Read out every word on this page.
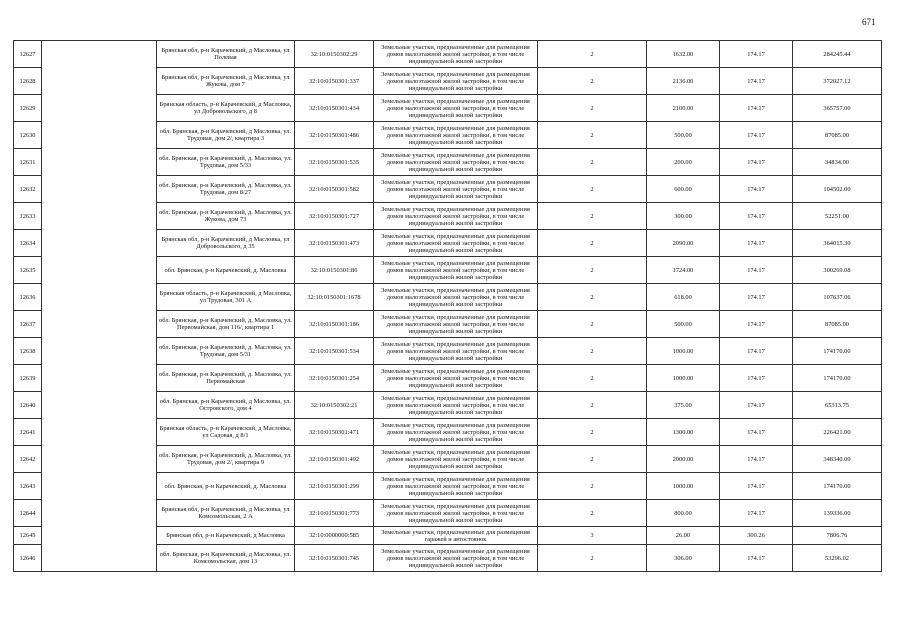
671
12627		Брянская обл, р-н Карачевский, д Масловка, ул Полевая	32:10:0150302:29	Земельные участки, предназначенные для размещения домов малоэтажной жилой застройки, в том числе индивидуальной жилой застройки	2	1632.00	174.17	284245.44
12628		Брянская обл, р-н Карачевский, д Масловка, ул Жукова, дом 7	32:10:0150301:337	Земельные участки, предназначенные для размещения домов малоэтажной жилой застройки, в том числе индивидуальной жилой застройки	2	2136.00	174.17	372027.12
12629		Брянская область, р-н Карачевский, д Масловка, ул Добровольского, д 8	32:10:0150301:434	Земельные участки, предназначенные для размещения домов малоэтажной жилой застройки, в том числе индивидуальной жилой застройки	2	2100.00	174.17	365757.00
12630		обл. Брянская, р-н Карачевский, д Масловка, ул. Трудовая, дом 2/, квартира 3	32:10:0150301:486	Земельные участки, предназначенные для размещения домов малоэтажной жилой застройки, в том числе индивидуальной жилой застройки	2	500.00	174.17	87085.00
12631		обл. Брянская, р-н Карачевский, д. Масловка, ул. Трудовая, дом 5/33	32:10:0150301:535	Земельные участки, предназначенные для размещения домов малоэтажной жилой застройки, в том числе индивидуальной жилой застройки	2	200.00	174.17	34834.00
12632		обл. Брянская, р-н Карачевский, д. Масловка, ул. Трудовая, дом 8/27	32:10:0150301:582	Земельные участки, предназначенные для размещения домов малоэтажной жилой застройки, в том числе индивидуальной жилой застройки	2	600.00	174.17	104502.00
12633		обл. Брянская, р-н Карачевский, д. Масловка, ул. Жукова, дом 73	32:10:0150301:727	Земельные участки, предназначенные для размещения домов малоэтажной жилой застройки, в том числе индивидуальной жилой застройки	2	300.00	174.17	52251.00
12634		Брянская обл, р-н Карачевский, д Масловка, ул Добровольского, д 35	32:10:0150301:473	Земельные участки, предназначенные для размещения домов малоэтажной жилой застройки, в том числе индивидуальной жилой застройки	2	2090.00	174.17	364015.30
12635		обл. Брянская, р-н Карачевский, д. Масловка	32:10:0150301:86	Земельные участки, предназначенные для размещения домов малоэтажной жилой застройки, в том числе индивидуальной жилой застройки	2	1724.00	174.17	300269.08
12636		Брянская область, р-н Карачевский, д Масловка, ул Трудовая, 301 А	32:10:0150301:1678	Земельные участки, предназначенные для размещения домов малоэтажной жилой застройки, в том числе индивидуальной жилой застройки	2	618.00	174.17	107637.06
12637		обл. Брянская, р-н Карачевский, д. Масловка, ул. Первомайская, дом 116/, квартира 1	32:10:0150301:186	Земельные участки, предназначенные для размещения домов малоэтажной жилой застройки, в том числе индивидуальной жилой застройки	2	500.00	174.17	87085.00
12638		обл. Брянская, р-н Карачевский, д. Масловка, ул. Трудовая, дом 5/31	32:10:0150301:534	Земельные участки, предназначенные для размещения домов малоэтажной жилой застройки, в том числе индивидуальной жилой застройки	2	1000.00	174.17	174170.00
12639		обл. Брянская, р-н Карачевский, д. Масловка, ул. Первомайская	32:10:0150301:254	Земельные участки, предназначенные для размещения домов малоэтажной жилой застройки, в том числе индивидуальной жилой застройки	2	1000.00	174.17	174170.00
12640		обл. Брянская, р-н Карачевский, д Масловка, ул. Островского, дом 4	32:10:0150302:21	Земельные участки, предназначенные для размещения домов малоэтажной жилой застройки, в том числе индивидуальной жилой застройки	2	375.00	174.17	65313.75
12641		Брянская область, р-н Карачевский, д Масловка, ул Садовая, д 8/1	32:10:0150301:471	Земельные участки, предназначенные для размещения домов малоэтажной жилой застройки, в том числе индивидуальной жилой застройки	2	1300.00	174.17	226421.00
12642		обл. Брянская, р-н Карачевский, д. Масловка, ул. Трудовая, дом 2/, квартира 9	32:10:0150301:492	Земельные участки, предназначенные для размещения домов малоэтажной жилой застройки, в том числе индивидуальной жилой застройки	2	2000.00	174.17	348340.00
12643		обл. Брянская, р-н Карачевский, д. Масловка	32:10:0150301:299	Земельные участки, предназначенные для размещения домов малоэтажной жилой застройки, в том числе индивидуальной жилой застройки	2	1000.00	174.17	174170.00
12644		Брянская обл, р-н Карачевский, д Масловка, ул Комсомольская, 2 А	32:10:0150301:773	Земельные участки, предназначенные для размещения домов малоэтажной жилой застройки, в том числе индивидуальной жилой застройки	2	800.00	174.17	139336.00
12645		Брянская обл, р-н Карачевский, д Масловка	32:10:0000000:585	Земельные участки, предназначенные для размещения гаражей и автостоянок	3	26.00	300.26	7806.76
12646		обл. Брянская, р-н Карачевский, д Масловка, ул. Комсомольская, дом 13	32:10:0150301:745	Земельные участки, предназначенные для размещения домов малоэтажной жилой застройки, в том числе индивидуальной жилой застройки	2	306.00	174.17	53296.02
